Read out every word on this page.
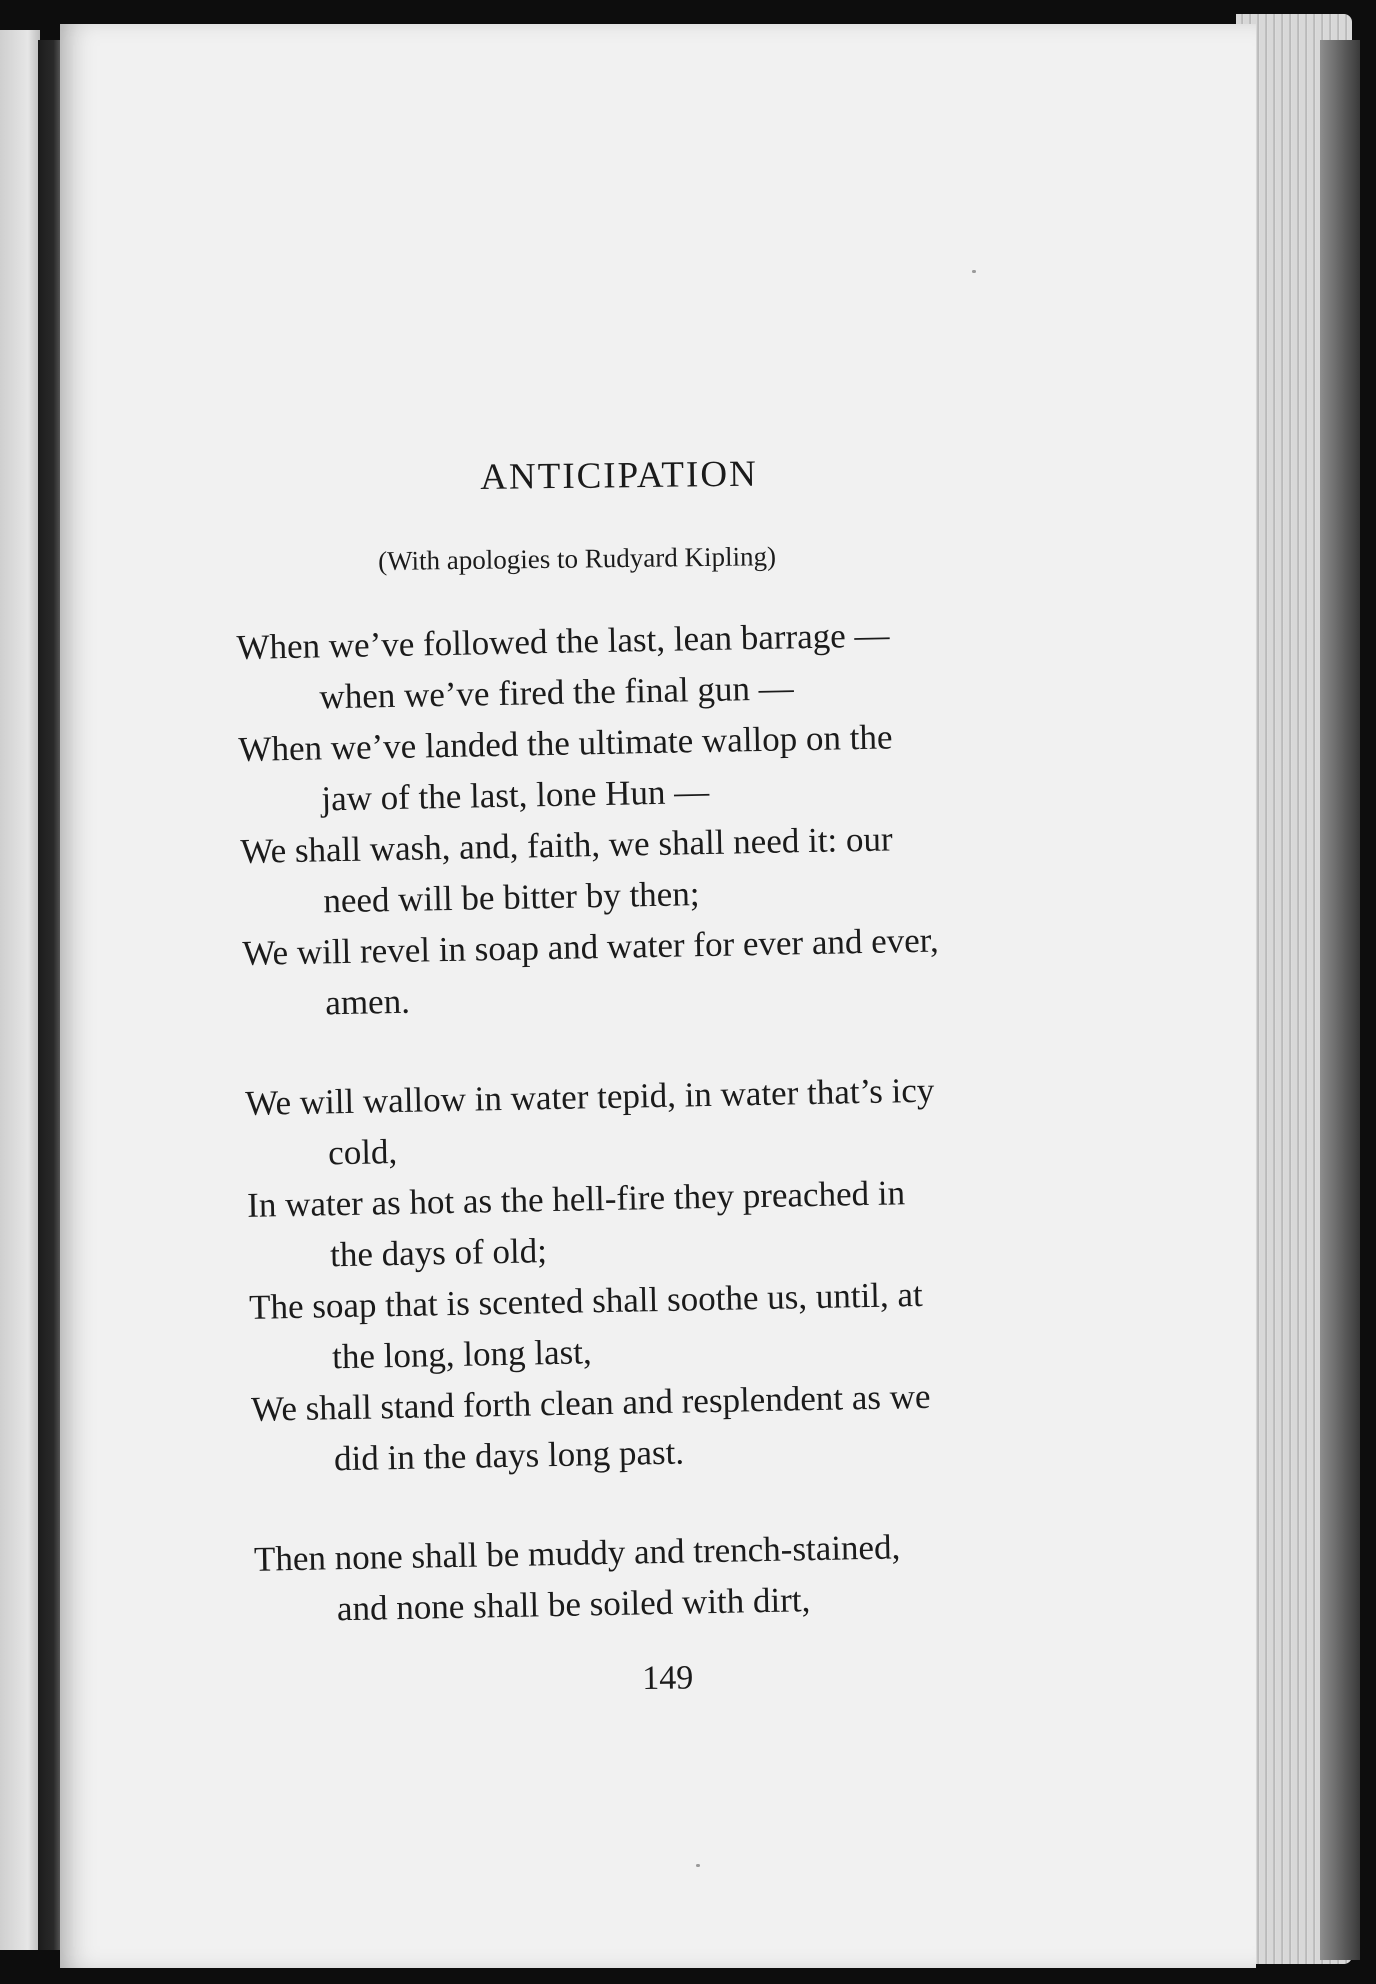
ANTICIPATION
(With apologies to Rudyard Kipling)
When we’ve followed the last, lean barrage —
when we’ve fired the final gun —
When we’ve landed the ultimate wallop on the
jaw of the last, lone Hun —
We shall wash, and, faith, we shall need it: our
need will be bitter by then;
We will revel in soap and water for ever and ever,
amen.
We will wallow in water tepid, in water that’s icy
cold,
In water as hot as the hell-fire they preached in
the days of old;
The soap that is scented shall soothe us, until, at
the long, long last,
We shall stand forth clean and resplendent as we
did in the days long past.
Then none shall be muddy and trench-stained,
and none shall be soiled with dirt,
149
